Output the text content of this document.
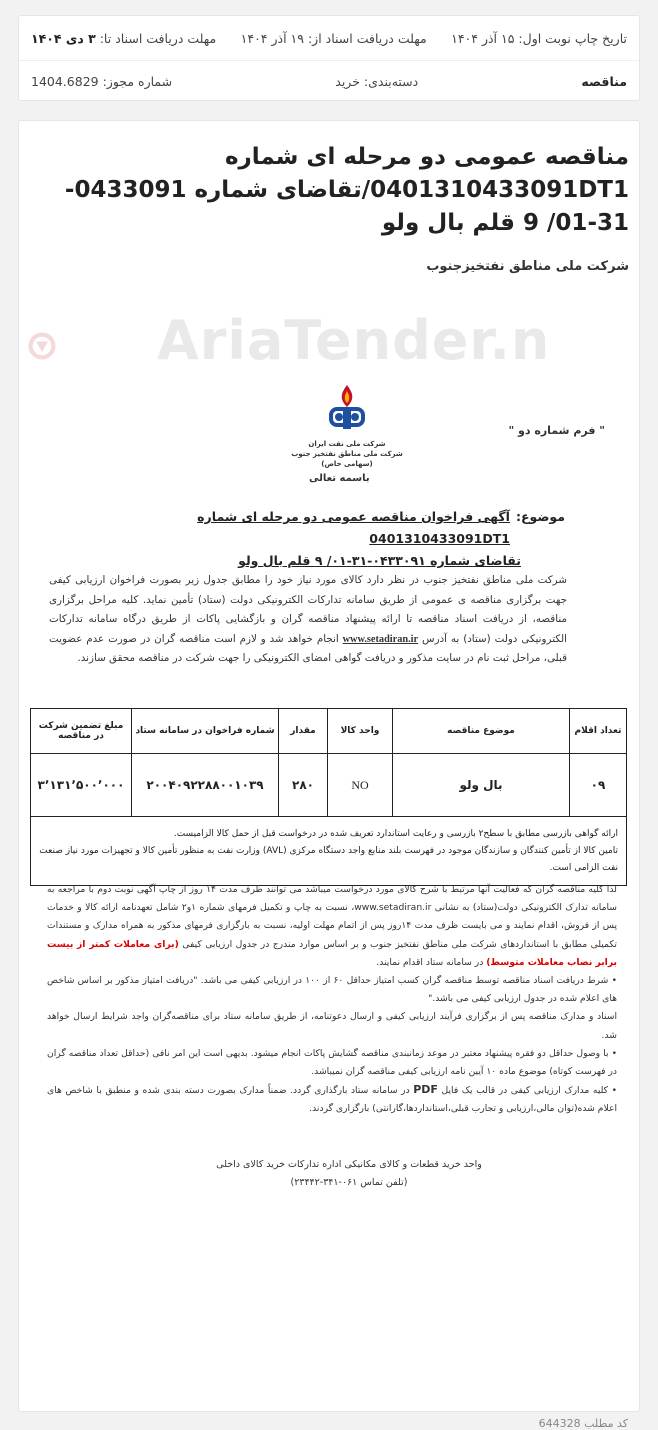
تاریخ چاپ نوبت اول: ۱۵ آذر ۱۴۰۴
مهلت دریافت اسناد از: ۱۹ آذر ۱۴۰۴
مهلت دریافت اسناد تا: ۳ دی ۱۴۰۴
مناقصه
دسته‌بندی: خرید
شماره مجوز: 1404.6829
مناقصه عمومی دو مرحله ای شماره 0401310433091DT1/تقاضای شماره 0433091-31-01/ 9 قلم بال ولو
شرکت ملی مناطق نفتخیزجنوب
AriaTender.n
شرکت ملی نفت ایران
شرکت ملی مناطق نفتخیز جنوب (سهامی خاص)
" فرم شماره دو "
باسمه تعالی
موضوع:
آگهی فراخوان مناقصه عمومی دو مرحله ای شماره 0401310433091DT1
تقاضای شماره ۰۴۳۳۰۹۱-۳۱-۰۱/ ۹ قلم بال ولو
شرکت ملی مناطق نفتخیز جنوب در نظر دارد کالای مورد نیاز خود را مطابق جدول زیر بصورت فراخوان ارزیابی کیفی جهت برگزاری مناقصه ی عمومی از طریق سامانه تدارکات الکترونیکی دولت (ستاد) تأمین نماید. کلیه مراحل برگزاری مناقصه، از دریافت اسناد مناقصه تا ارائه پیشنهاد مناقصه گران و بازگشایی پاکات از طریق درگاه سامانه تدارکات الکترونیکی دولت (ستاد) به آدرس www.setadiran.ir انجام خواهد شد و لازم است مناقصه گران در صورت عدم عضویت قبلی، مراحل ثبت نام در سایت مذکور و دریافت گواهی امضای الکترونیکی را جهت شرکت در مناقصه محقق سازند.
تعداد اقلام	موضوع مناقصه	واحد کالا	مقدار	شماره فراخوان در سامانه ستاد	مبلغ تضمین شرکت در مناقصه
۰۹	بال ولو	NO	۲۸۰	۲۰۰۴۰۹۲۲۸۸۰۰۱۰۳۹	۳٬۱۳۱٬۵۰۰٬۰۰۰

ارائه گواهی بازرسی مطابق با سطح۲ بازرسی و رعایت استاندارد تعریف شده در درخواست قبل از حمل کالا الزامیست.
تامین کالا از تأمین کنندگان و سازندگان موجود در فهرست بلند منابع واجد دستگاه مرکزی (AVL) وزارت نفت به منظور تأمین کالا و تجهیزات مورد نیاز صنعت نفت الزامی است.					

لذا کلیه مناقصه گران که فعالیت آنها مرتبط با شرح کالای مورد درخواست میباشد می توانند ظرف مدت ۱۴ روز از چاپ آگهی نوبت دوم با مراجعه به سامانه تدارک الکترونیکی دولت(ستاد) به نشانی www.setadiran.ir، نسبت به چاپ و تکمیل فرمهای شماره ۱و۲ شامل تعهدنامه ارائه کالا و خدمات پس از فروش، اقدام نمایند و می بایست ظرف مدت ۱۴روز پس از اتمام مهلت اولیه، نسبت به بارگزاری فرمهای مذکور به همراه مدارک و مستندات تکمیلی مطابق با استانداردهای شرکت ملی مناطق نفتخیز جنوب و بر اساس موارد مندرج در جدول ارزیابی کیفی (برای معاملات کمتر از بیست برابر نصاب معاملات متوسط) در سامانه ستاد اقدام نمایند.

• شرط دریافت اسناد مناقصه توسط مناقصه گران کسب امتیاز حداقل ۶۰ از ۱۰۰ در ارزیابی کیفی می باشد. "دریافت امتیاز مذکور بر اساس شاخص های اعلام شده در جدول ارزیابی کیفی می باشد."

اسناد و مدارک مناقصه پس از برگزاری فرآیند ارزیابی کیفی و ارسال دعوتنامه، از طریق سامانه ستاد برای مناقصه‌گران واجد شرایط ارسال خواهد شد.

• با وصول حداقل دو فقره پیشنهاد معتبر در موعد زمانبندی مناقصه گشایش پاکات انجام میشود. بدیهی است این امر نافی (حداقل تعداد مناقصه گران در فهرست کوتاه) موضوع ماده ۱۰ آیین نامه ارزیابی کیفی مناقصه گران نمیباشد.

• کلیه مدارک ارزیابی کیفی در قالب یک فایل PDF در سامانه ستاد بارگذاری گردد. ضمناً مدارک بصورت دسته بندی شده و منطبق با شاخص های اعلام شده(توان مالی،ارزیابی و تجارب قبلی،استانداردها،گارانتی) بارگزاری گردند.

واحد خرید قطعات و کالای مکانیکی اداره تدارکات خرید کالای داخلی
(تلفن تماس ۰۶۱-۳۴۱-۲۳۴۴۲)
کد مطلب 644328
